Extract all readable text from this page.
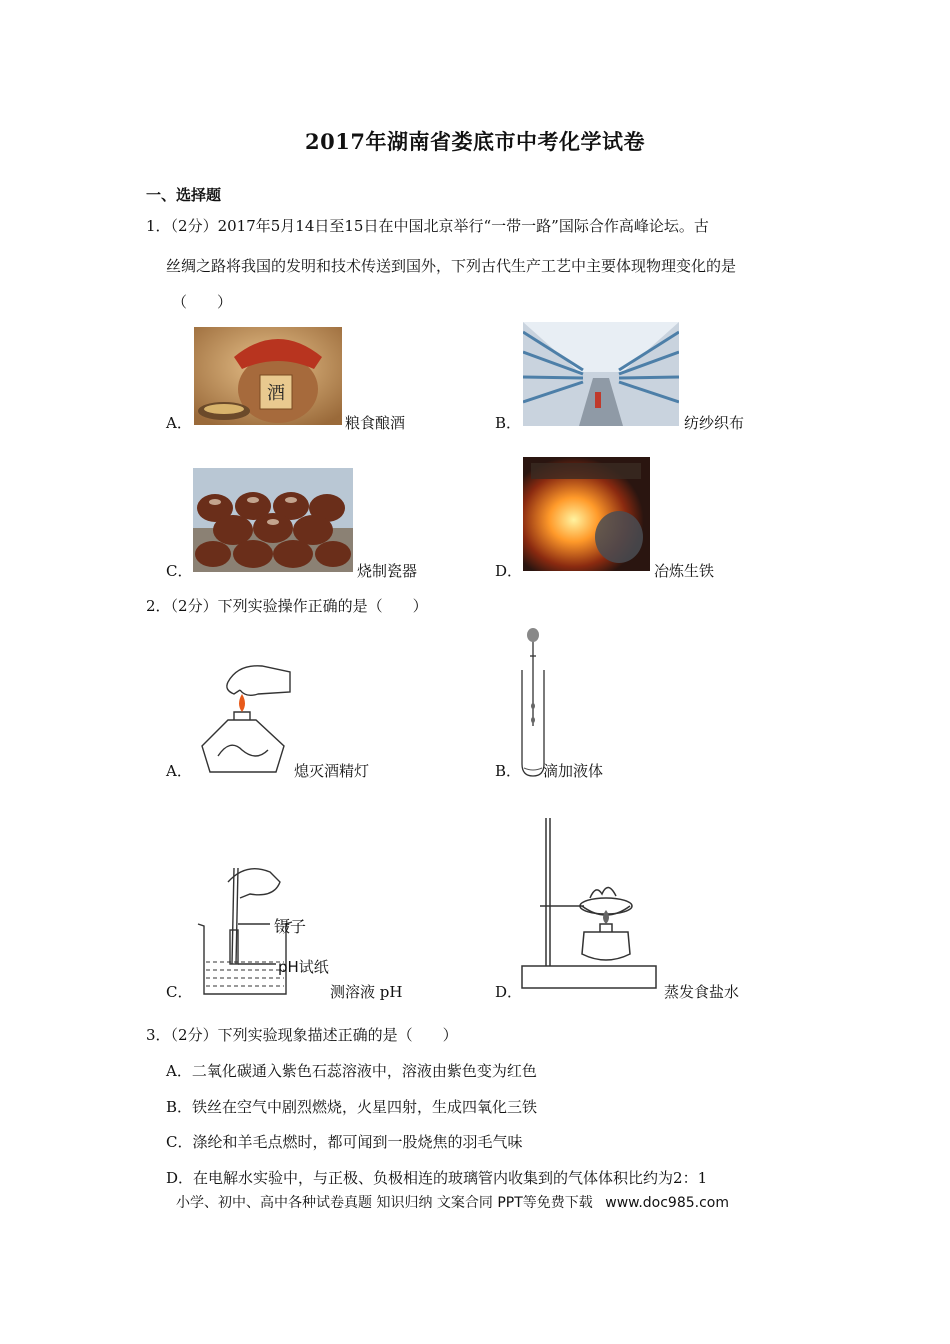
2017年湖南省娄底市中考化学试卷
一、选择题
1．（2分）2017年5月14日至15日在中国北京举行“一带一路”国际合作高峰论坛。古
丝绸之路将我国的发明和技术传送到国外，下列古代生产工艺中主要体现物理变化的是
（　　）
酒
A．	粮食酿酒	B．	纺纱织布
C．	烧制瓷器	D．	冶炼生铁
2．（2分）下列实验操作正确的是（　　）
A．	熄灭酒精灯	B． 滴加液体
镊子
pH试纸
C．	测溶液 pH	D．	蒸发食盐水
3．（2分）下列实验现象描述正确的是（　　）
A．二氧化碳通入紫色石蕊溶液中，溶液由紫色变为红色
B．铁丝在空气中剧烈燃烧，火星四射，生成四氧化三铁
C．涤纶和羊毛点燃时，都可闻到一股烧焦的羽毛气味
D．在电解水实验中，与正极、负极相连的玻璃管内收集到的气体体积比约为2：1
小学、初中、高中各种试卷真题 知识归纳 文案合同 PPT等免费下载 www.doc985.com
